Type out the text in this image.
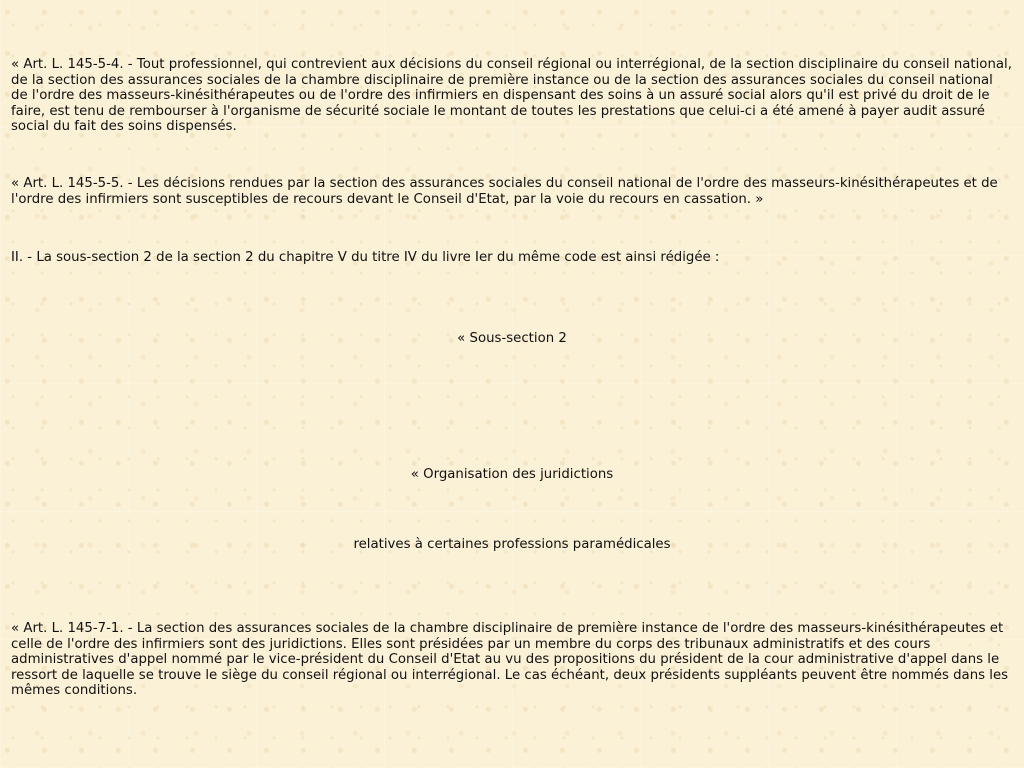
« Art. L. 145-5-4. - Tout professionnel, qui contrevient aux décisions du conseil régional ou interrégional, de la section disciplinaire du conseil national, de la section des assurances sociales de la chambre disciplinaire de première instance ou de la section des assurances sociales du conseil national de l'ordre des masseurs-kinésithérapeutes ou de l'ordre des infirmiers en dispensant des soins à un assuré social alors qu'il est privé du droit de le faire, est tenu de rembourser à l'organisme de sécurité sociale le montant de toutes les prestations que celui-ci a été amené à payer audit assuré social du fait des soins dispensés.

« Art. L. 145-5-5. - Les décisions rendues par la section des assurances sociales du conseil national de l'ordre des masseurs-kinésithérapeutes et de l'ordre des infirmiers sont susceptibles de recours devant le Conseil d'Etat, par la voie du recours en cassation. »

II. - La sous-section 2 de la section 2 du chapitre V du titre IV du livre Ier du même code est ainsi rédigée :

« Sous-section 2

« Organisation des juridictions

relatives à certaines professions paramédicales

« Art. L. 145-7-1. - La section des assurances sociales de la chambre disciplinaire de première instance de l'ordre des masseurs-kinésithérapeutes et celle de l'ordre des infirmiers sont des juridictions. Elles sont présidées par un membre du corps des tribunaux administratifs et des cours administratives d'appel nommé par le vice-président du Conseil d'Etat au vu des propositions du président de la cour administrative d'appel dans le ressort de laquelle se trouve le siège du conseil régional ou interrégional. Le cas échéant, deux présidents suppléants peuvent être nommés dans les mêmes conditions.
